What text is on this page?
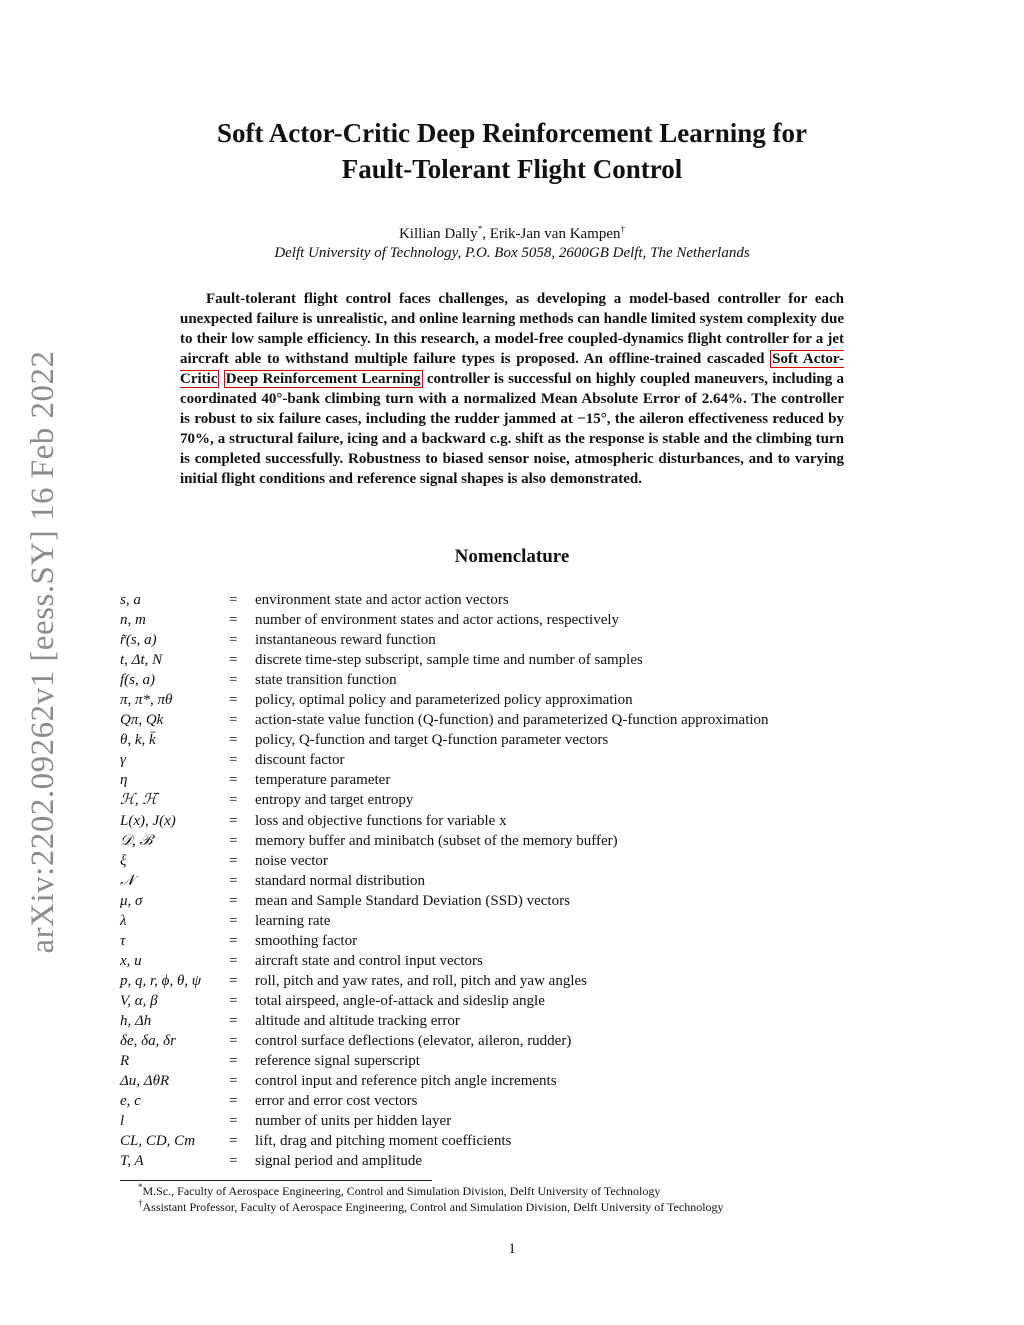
arXiv:2202.09262v1 [eess.SY] 16 Feb 2022
Soft Actor-Critic Deep Reinforcement Learning for
Fault-Tolerant Flight Control
Killian Dally*, Erik-Jan van Kampen†
Delft University of Technology, P.O. Box 5058, 2600GB Delft, The Netherlands
Fault-tolerant flight control faces challenges, as developing a model-based controller for each unexpected failure is unrealistic, and online learning methods can handle limited system complexity due to their low sample efficiency. In this research, a model-free coupled-dynamics flight controller for a jet aircraft able to withstand multiple failure types is proposed. An offline-trained cascaded Soft Actor-Critic Deep Reinforcement Learning controller is successful on highly coupled maneuvers, including a coordinated 40°-bank climbing turn with a normalized Mean Absolute Error of 2.64%. The controller is robust to six failure cases, including the rudder jammed at −15°, the aileron effectiveness reduced by 70%, a structural failure, icing and a backward c.g. shift as the response is stable and the climbing turn is completed successfully. Robustness to biased sensor noise, atmospheric disturbances, and to varying initial flight conditions and reference signal shapes is also demonstrated.
Nomenclature
s, a	= environment state and actor action vectors
n, m	= number of environment states and actor actions, respectively
r̃(s, a)	= instantaneous reward function
t, Δt, N	= discrete time-step subscript, sample time and number of samples
f(s, a)	= state transition function
π, π*, πθ	= policy, optimal policy and parameterized policy approximation
Qπ, Qk	= action-state value function (Q-function) and parameterized Q-function approximation
θ, k, k̄	= policy, Q-function and target Q-function parameter vectors
γ	= discount factor
η	= temperature parameter
ℋ, ℋ̄	= entropy and target entropy
L(x), J(x)	= loss and objective functions for variable x
𝒟, ℬ	= memory buffer and minibatch (subset of the memory buffer)
ξ	= noise vector
𝒩	= standard normal distribution
μ, σ	= mean and Sample Standard Deviation (SSD) vectors
λ	= learning rate
τ	= smoothing factor
x, u	= aircraft state and control input vectors
p, q, r, ϕ, θ, ψ = roll, pitch and yaw rates, and roll, pitch and yaw angles
V, α, β	= total airspeed, angle-of-attack and sideslip angle
h, Δh	= altitude and altitude tracking error
δe, δa, δr	= control surface deflections (elevator, aileron, rudder)
R	= reference signal superscript
Δu, ΔθR	= control input and reference pitch angle increments
e, c	= error and error cost vectors
l	= number of units per hidden layer
CL, CD, Cm = lift, drag and pitching moment coefficients
T, A	= signal period and amplitude
*M.Sc., Faculty of Aerospace Engineering, Control and Simulation Division, Delft University of Technology
†Assistant Professor, Faculty of Aerospace Engineering, Control and Simulation Division, Delft University of Technology
1
